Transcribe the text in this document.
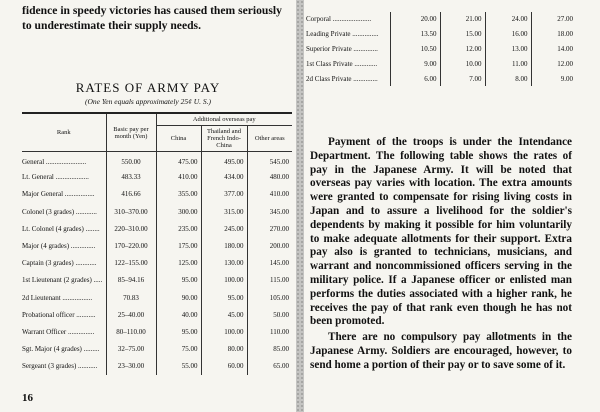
fidence in speedy victories has caused them seriously to underestimate their supply needs.
RATES OF ARMY PAY
(One Yen equals approximately 25¢ U. S.)
16
Rank	Basic pay per month (Yen)	Additional overseas pay		
		China	Thailand and French Indo-China	Other areas
General .......................	550.00	475.00	495.00	545.00
Lt. General ...................	483.33	410.00	434.00	480.00
Major General .................	416.66	355.00	377.00	410.00
Colonel (3 grades) ............	310–370.00	300.00	315.00	345.00
Lt. Colonel (4 grades) ........	220–310.00	235.00	245.00	270.00
Major (4 grades) ..............	170–220.00	175.00	180.00	200.00
Captain (3 grades) ............	122–155.00	125.00	130.00	145.00
1st Lieutenant (2 grades) .....	85–94.16	95.00	100.00	115.00
2d Lieutenant .................	70.83	90.00	95.00	105.00
Probational officer ...........	25–40.00	40.00	45.00	50.00
Warrant Officer ...............	80–110.00	95.00	100.00	110.00
Sgt. Major (4 grades) .........	32–75.00	75.00	80.00	85.00
Sergeant (3 grades) ...........	23–30.00	55.00	60.00	65.00
Corporal ......................	20.00	21.00	24.00	27.00
Leading Private ...............	13.50	15.00	16.00	18.00
Superior Private ..............	10.50	12.00	13.00	14.00
1st Class Private .............	9.00	10.00	11.00	12.00
2d Class Private ..............	6.00	7.00	8.00	9.00

Payment of the troops is under the Intendance Department. The following table shows the rates of pay in the Japanese Army. It will be noted that overseas pay varies with location. The extra amounts were granted to compensate for rising living costs in Japan and to assure a livelihood for the soldier's dependents by making it possible for him voluntarily to make adequate allotments for their support. Extra pay also is granted to technicians, musicians, and warrant and noncommissioned officers serving in the military police. If a Japanese officer or enlisted man performs the duties associated with a higher rank, he receives the pay of that rank even though he has not been promoted.

There are no compulsory pay allotments in the Japanese Army. Soldiers are encouraged, however, to send home a portion of their pay or to save some of it.
